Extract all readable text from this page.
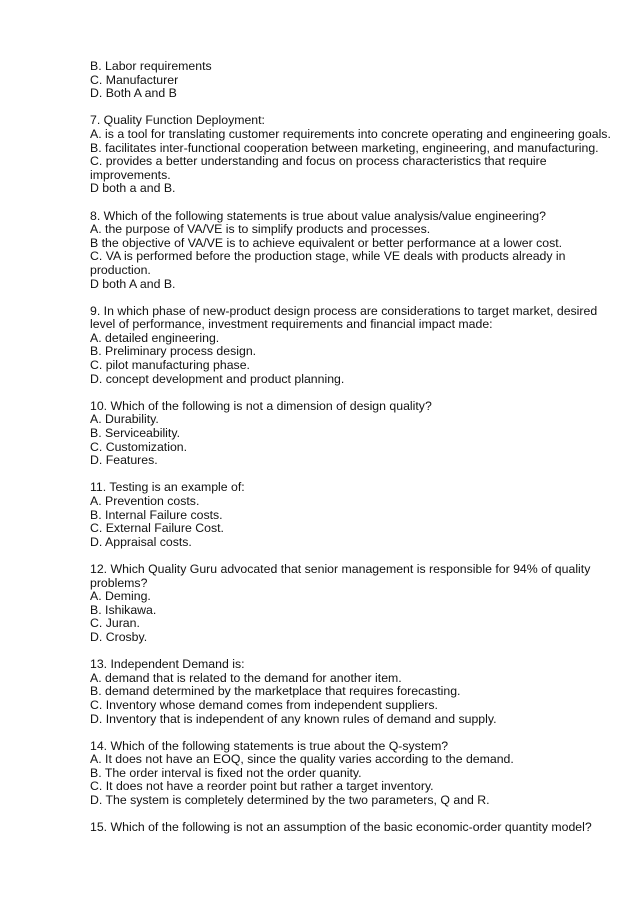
B. Labor requirements
C. Manufacturer
D. Both A and B
7. Quality Function Deployment:
A. is a tool for translating customer requirements into concrete operating and engineering goals.
B. facilitates inter-functional cooperation between marketing, engineering, and manufacturing.
C. provides a better understanding and focus on process characteristics that require
improvements.
D both a and B.
8. Which of the following statements is true about value analysis/value engineering?
A. the purpose of VA/VE is to simplify products and processes.
B the objective of VA/VE is to achieve equivalent or better performance at a lower cost.
C. VA is performed before the production stage, while VE deals with products already in
production.
D both A and B.
9. In which phase of new-product design process are considerations to target market, desired
level of performance, investment requirements and financial impact made:
A. detailed engineering.
B. Preliminary process design.
C. pilot manufacturing phase.
D. concept development and product planning.
10. Which of the following is not a dimension of design quality?
A. Durability.
B. Serviceability.
C. Customization.
D. Features.
11. Testing is an example of:
A. Prevention costs.
B. Internal Failure costs.
C. External Failure Cost.
D. Appraisal costs.
12. Which Quality Guru advocated that senior management is responsible for 94% of quality
problems?
A. Deming.
B. Ishikawa.
C. Juran.
D. Crosby.
13. Independent Demand is:
A. demand that is related to the demand for another item.
B. demand determined by the marketplace that requires forecasting.
C. Inventory whose demand comes from independent suppliers.
D. Inventory that is independent of any known rules of demand and supply.
14. Which of the following statements is true about the Q-system?
A. It does not have an EOQ, since the quality varies according to the demand.
B. The order interval is fixed not the order quanity.
C. It does not have a reorder point but rather a target inventory.
D. The system is completely determined by the two parameters, Q and R.
15. Which of the following is not an assumption of the basic economic-order quantity model?
